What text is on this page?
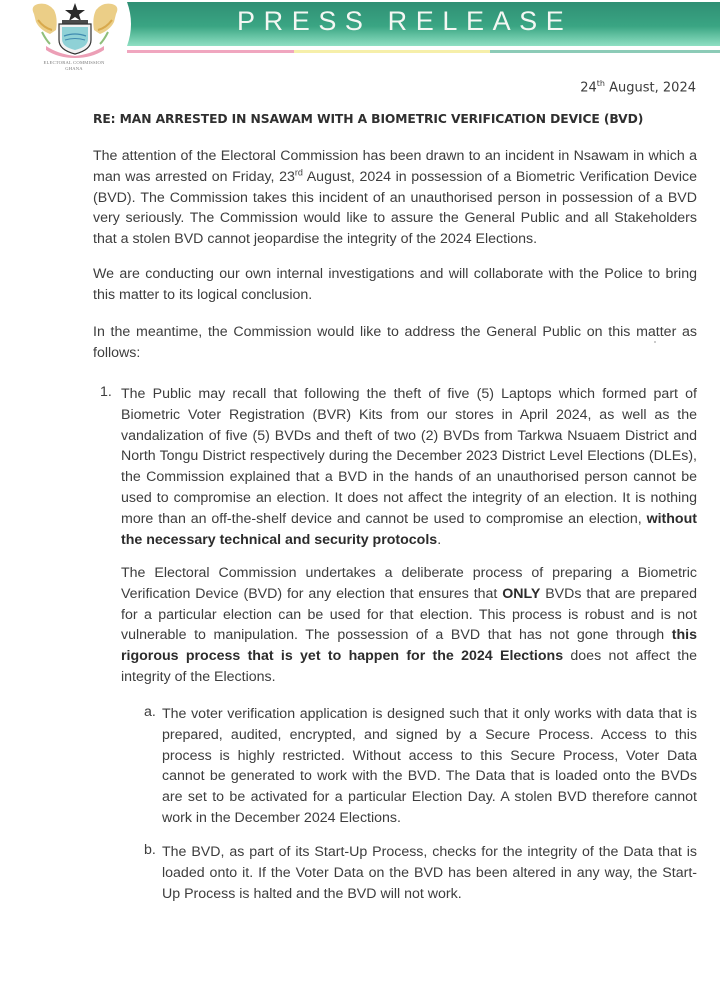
ELECTORAL COMMISSION
GHANA
PRESS RELEASE
24th August, 2024
RE: MAN ARRESTED IN NSAWAM WITH A BIOMETRIC VERIFICATION DEVICE (BVD)
The attention of the Electoral Commission has been drawn to an incident in Nsawam in which a man was arrested on Friday, 23rd August, 2024 in possession of a Biometric Verification Device (BVD). The Commission takes this incident of an unauthorised person in possession of a BVD very seriously. The Commission would like to assure the General Public and all Stakeholders that a stolen BVD cannot jeopardise the integrity of the 2024 Elections.
We are conducting our own internal investigations and will collaborate with the Police to bring this matter to its logical conclusion.
In the meantime, the Commission would like to address the General Public on this matter as follows:
1. The Public may recall that following the theft of five (5) Laptops which formed part of Biometric Voter Registration (BVR) Kits from our stores in April 2024, as well as the vandalization of five (5) BVDs and theft of two (2) BVDs from Tarkwa Nsuaem District and North Tongu District respectively during the December 2023 District Level Elections (DLEs), the Commission explained that a BVD in the hands of an unauthorised person cannot be used to compromise an election. It does not affect the integrity of an election. It is nothing more than an off-the-shelf device and cannot be used to compromise an election, without the necessary technical and security protocols.
The Electoral Commission undertakes a deliberate process of preparing a Biometric Verification Device (BVD) for any election that ensures that ONLY BVDs that are prepared for a particular election can be used for that election. This process is robust and is not vulnerable to manipulation. The possession of a BVD that has not gone through this rigorous process that is yet to happen for the 2024 Elections does not affect the integrity of the Elections.
a. The voter verification application is designed such that it only works with data that is prepared, audited, encrypted, and signed by a Secure Process. Access to this process is highly restricted. Without access to this Secure Process, Voter Data cannot be generated to work with the BVD. The Data that is loaded onto the BVDs are set to be activated for a particular Election Day. A stolen BVD therefore cannot work in the December 2024 Elections.
b. The BVD, as part of its Start-Up Process, checks for the integrity of the Data that is loaded onto it. If the Voter Data on the BVD has been altered in any way, the Start-Up Process is halted and the BVD will not work.
